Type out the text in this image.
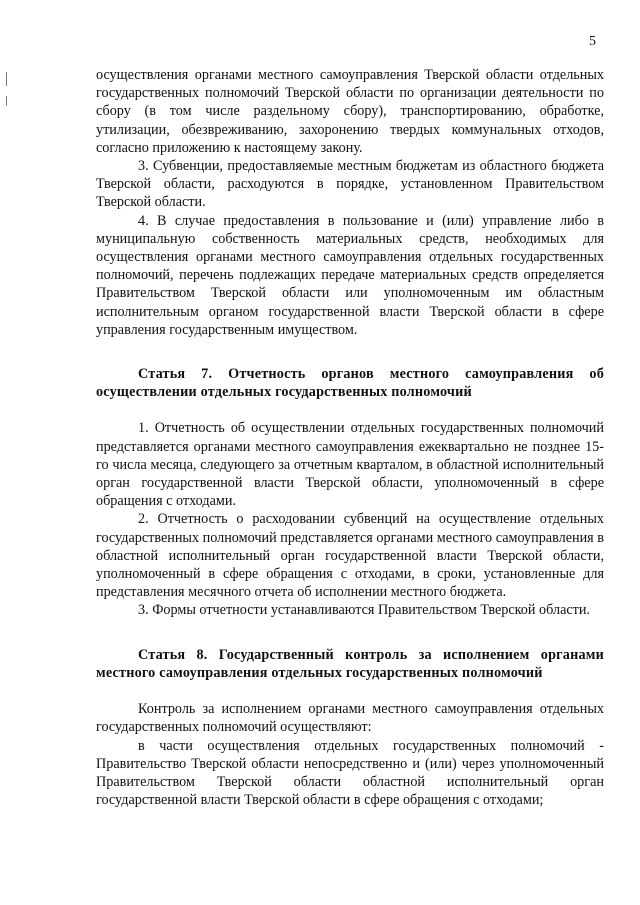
5

осуществления органами местного самоуправления Тверской области отдельных государственных полномочий Тверской области по организации деятельности по сбору (в том числе раздельному сбору), транспортированию, обработке, утилизации, обезвреживанию, захоронению твердых коммунальных отходов, согласно приложению к настоящему закону.

3. Субвенции, предоставляемые местным бюджетам из областного бюджета Тверской области, расходуются в порядке, установленном Правительством Тверской области.

4. В случае предоставления в пользование и (или) управление либо в муниципальную собственность материальных средств, необходимых для осуществления органами местного самоуправления отдельных государственных полномочий, перечень подлежащих передаче материальных средств определяется Правительством Тверской области или уполномоченным им областным исполнительным органом государственной власти Тверской области в сфере управления государственным имуществом.

Статья 7. Отчетность органов местного самоуправления об осуществлении отдельных государственных полномочий

1. Отчетность об осуществлении отдельных государственных полномочий представляется органами местного самоуправления ежеквартально не позднее 15-го числа месяца, следующего за отчетным кварталом, в областной исполнительный орган государственной власти Тверской области, уполномоченный в сфере обращения с отходами.

2. Отчетность о расходовании субвенций на осуществление отдельных государственных полномочий представляется органами местного самоуправления в областной исполнительный орган государственной власти Тверской области, уполномоченный в сфере обращения с отходами, в сроки, установленные для представления месячного отчета об исполнении местного бюджета.

3. Формы отчетности устанавливаются Правительством Тверской области.

Статья 8. Государственный контроль за исполнением органами местного самоуправления отдельных государственных полномочий

Контроль за исполнением органами местного самоуправления отдельных государственных полномочий осуществляют:

в части осуществления отдельных государственных полномочий - Правительство Тверской области непосредственно и (или) через уполномоченный Правительством Тверской области областной исполнительный орган государственной власти Тверской области в сфере обращения с отходами;
